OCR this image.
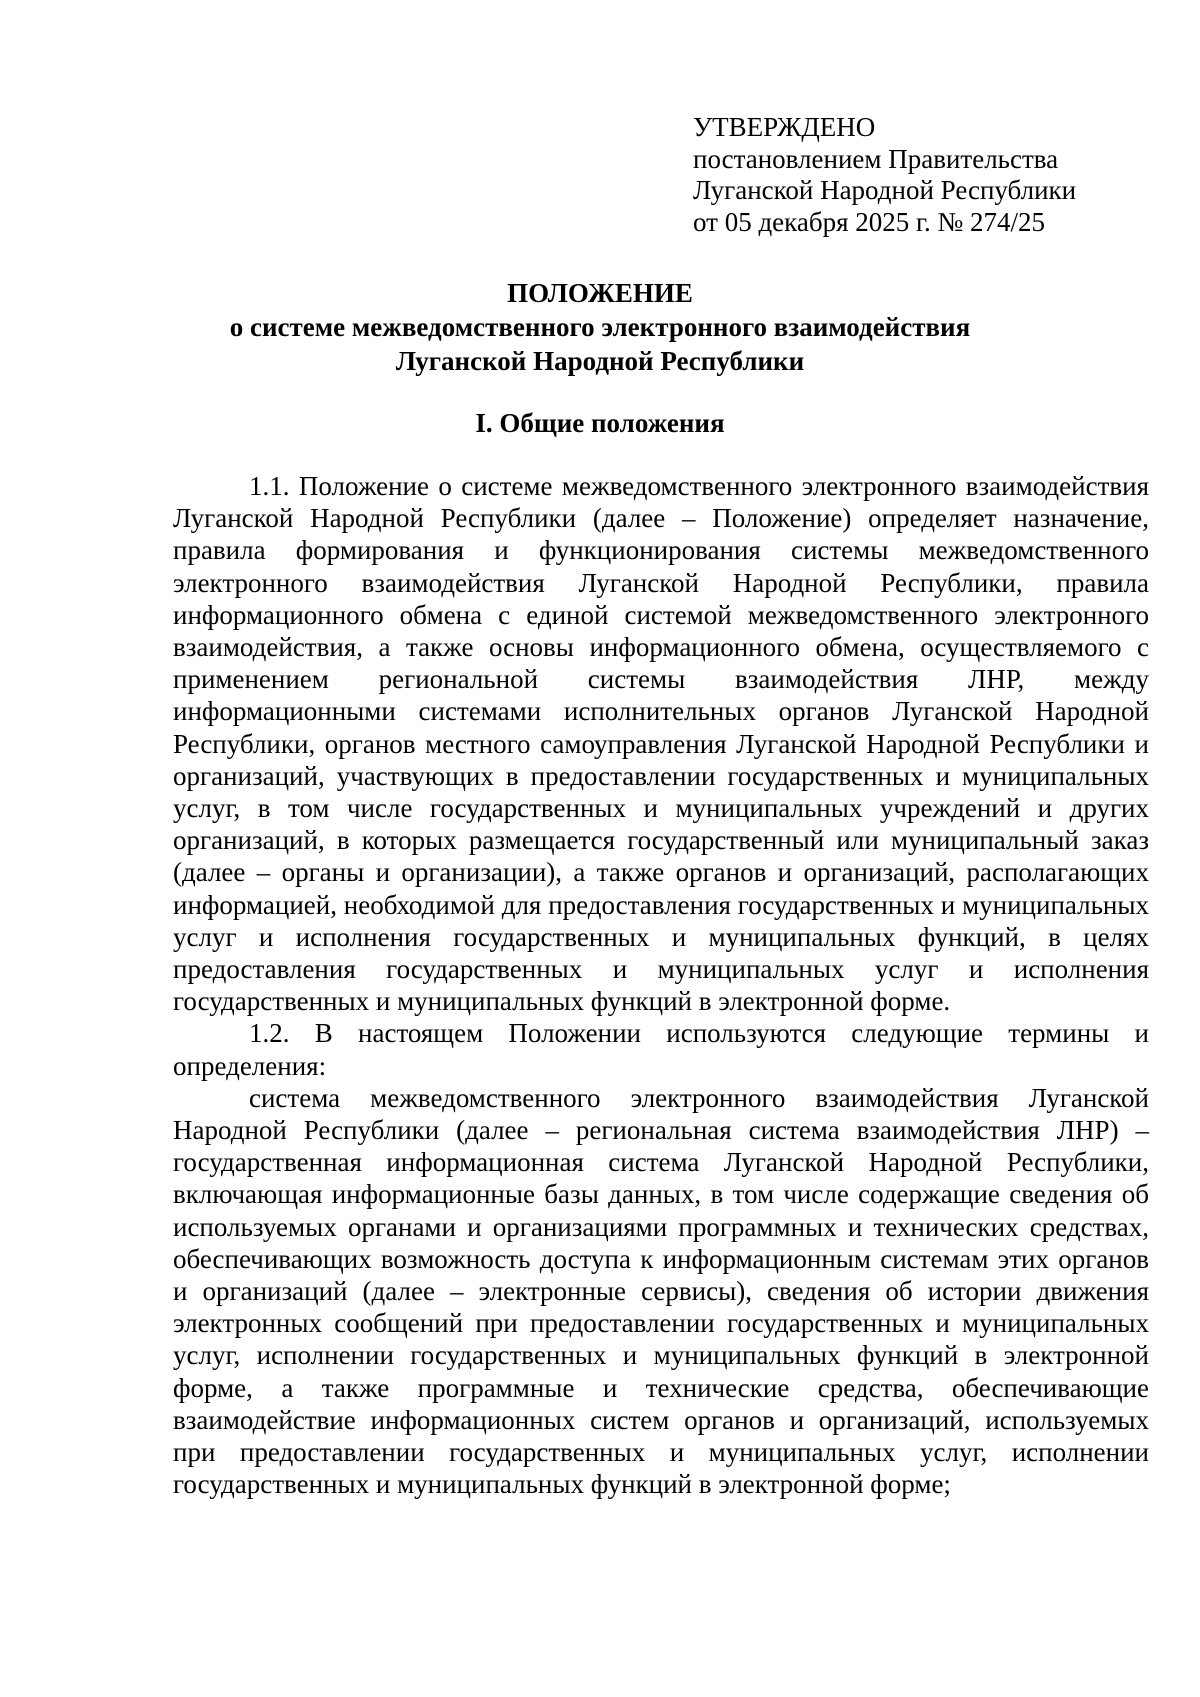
УТВЕРЖДЕНО
постановлением Правительства
Луганской Народной Республики
от 05 декабря 2025 г. № 274/25
ПОЛОЖЕНИЕ
о системе межведомственного электронного взаимодействия
Луганской Народной Республики
I. Общие положения

1.1. Положение о системе межведомственного электронного взаимодействия Луганской Народной Республики (далее – Положение) определяет назначение, правила формирования и функционирования системы межведомственного электронного взаимодействия Луганской Народной Республики, правила информационного обмена с единой системой межведомственного электронного взаимодействия, а также основы информационного обмена, осуществляемого с применением региональной системы взаимодействия ЛНР, между информационными системами исполнительных органов Луганской Народной Республики, органов местного самоуправления Луганской Народной Республики и организаций, участвующих в предоставлении государственных и муниципальных услуг, в том числе государственных и муниципальных учреждений и других организаций, в которых размещается государственный или муниципальный заказ (далее – органы и организации), а также органов и организаций, располагающих информацией, необходимой для предоставления государственных и муниципальных услуг и исполнения государственных и муниципальных функций, в целях предоставления государственных и муниципальных услуг и исполнения государственных и муниципальных функций в электронной форме.

1.2. В настоящем Положении используются следующие термины и определения:

система межведомственного электронного взаимодействия Луганской Народной Республики (далее – региональная система взаимодействия ЛНР) – государственная информационная система Луганской Народной Республики, включающая информационные базы данных, в том числе содержащие сведения об используемых органами и организациями программных и технических средствах, обеспечивающих возможность доступа к информационным системам этих органов и организаций (далее – электронные сервисы), сведения об истории движения электронных сообщений при предоставлении государственных и муниципальных услуг, исполнении государственных и муниципальных функций в электронной форме, а также программные и технические средства, обеспечивающие взаимодействие информационных систем органов и организаций, используемых при предоставлении государственных и муниципальных услуг, исполнении государственных и муниципальных функций в электронной форме;
